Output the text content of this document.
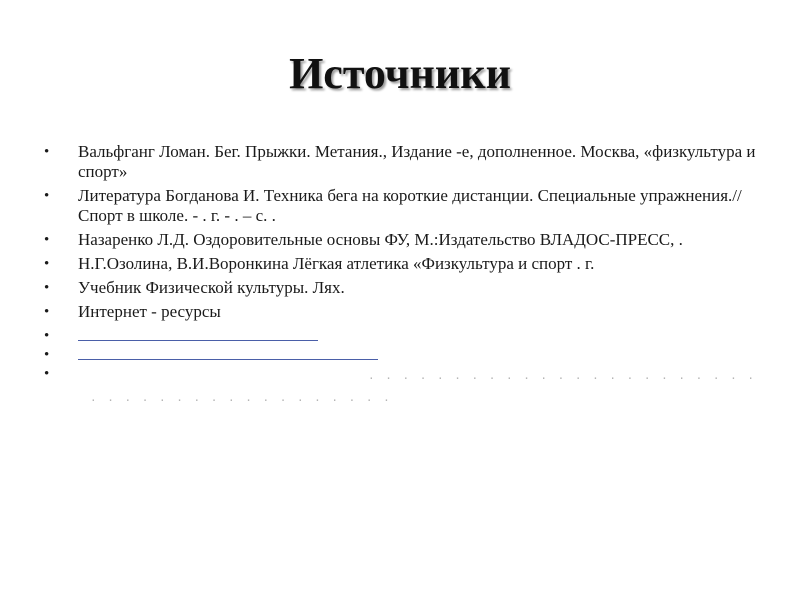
Источники
• Вальфганг Ломан. Бег. Прыжки. Метания., Издание -е, дополненное. Москва, «физкультура и спорт»
• Литература Богданова И. Техника бега на короткие дистанции. Специальные упражнения.// Спорт в школе. - . г. - . – с. .
• Назаренко Л.Д. Оздоровительные основы ФУ, М.:Издательство ВЛАДОС-ПРЕСС, .
• Н.Г.Озолина, В.И.Воронкина Лёгкая атлетика «Физкультура и спорт . г.
• Учебник Физической культуры. Лях.
• Интернет - ресурсы
•
•
•	. . . . . . . . . . . . . . . . . . . . . . .
. . . . . . . . . . . . . . . . . .
